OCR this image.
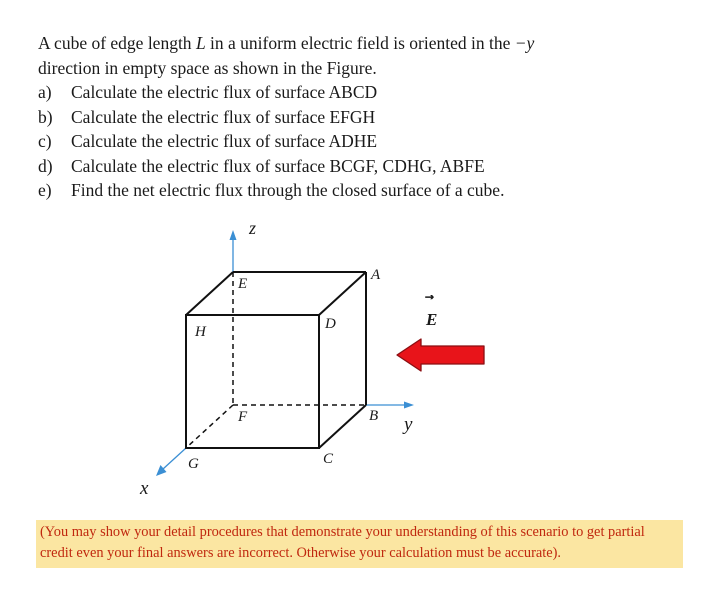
A cube of edge length L in a uniform electric field is oriented in the −y
direction in empty space as shown in the Figure.

a)	Calculate the electric flux of surface ABCD
b)	Calculate the electric flux of surface EFGH
c)	Calculate the electric flux of surface ADHE
d)	Calculate the electric flux of surface BCGF, CDHG, ABFE
e)	Find the net electric flux through the closed surface of a cube.
z
y
x
A
B
C
D
E
F
G
H
E
(You may show your detail procedures that demonstrate your understanding of this scenario to get partial credit even your final answers are incorrect. Otherwise your calculation must be accurate).
